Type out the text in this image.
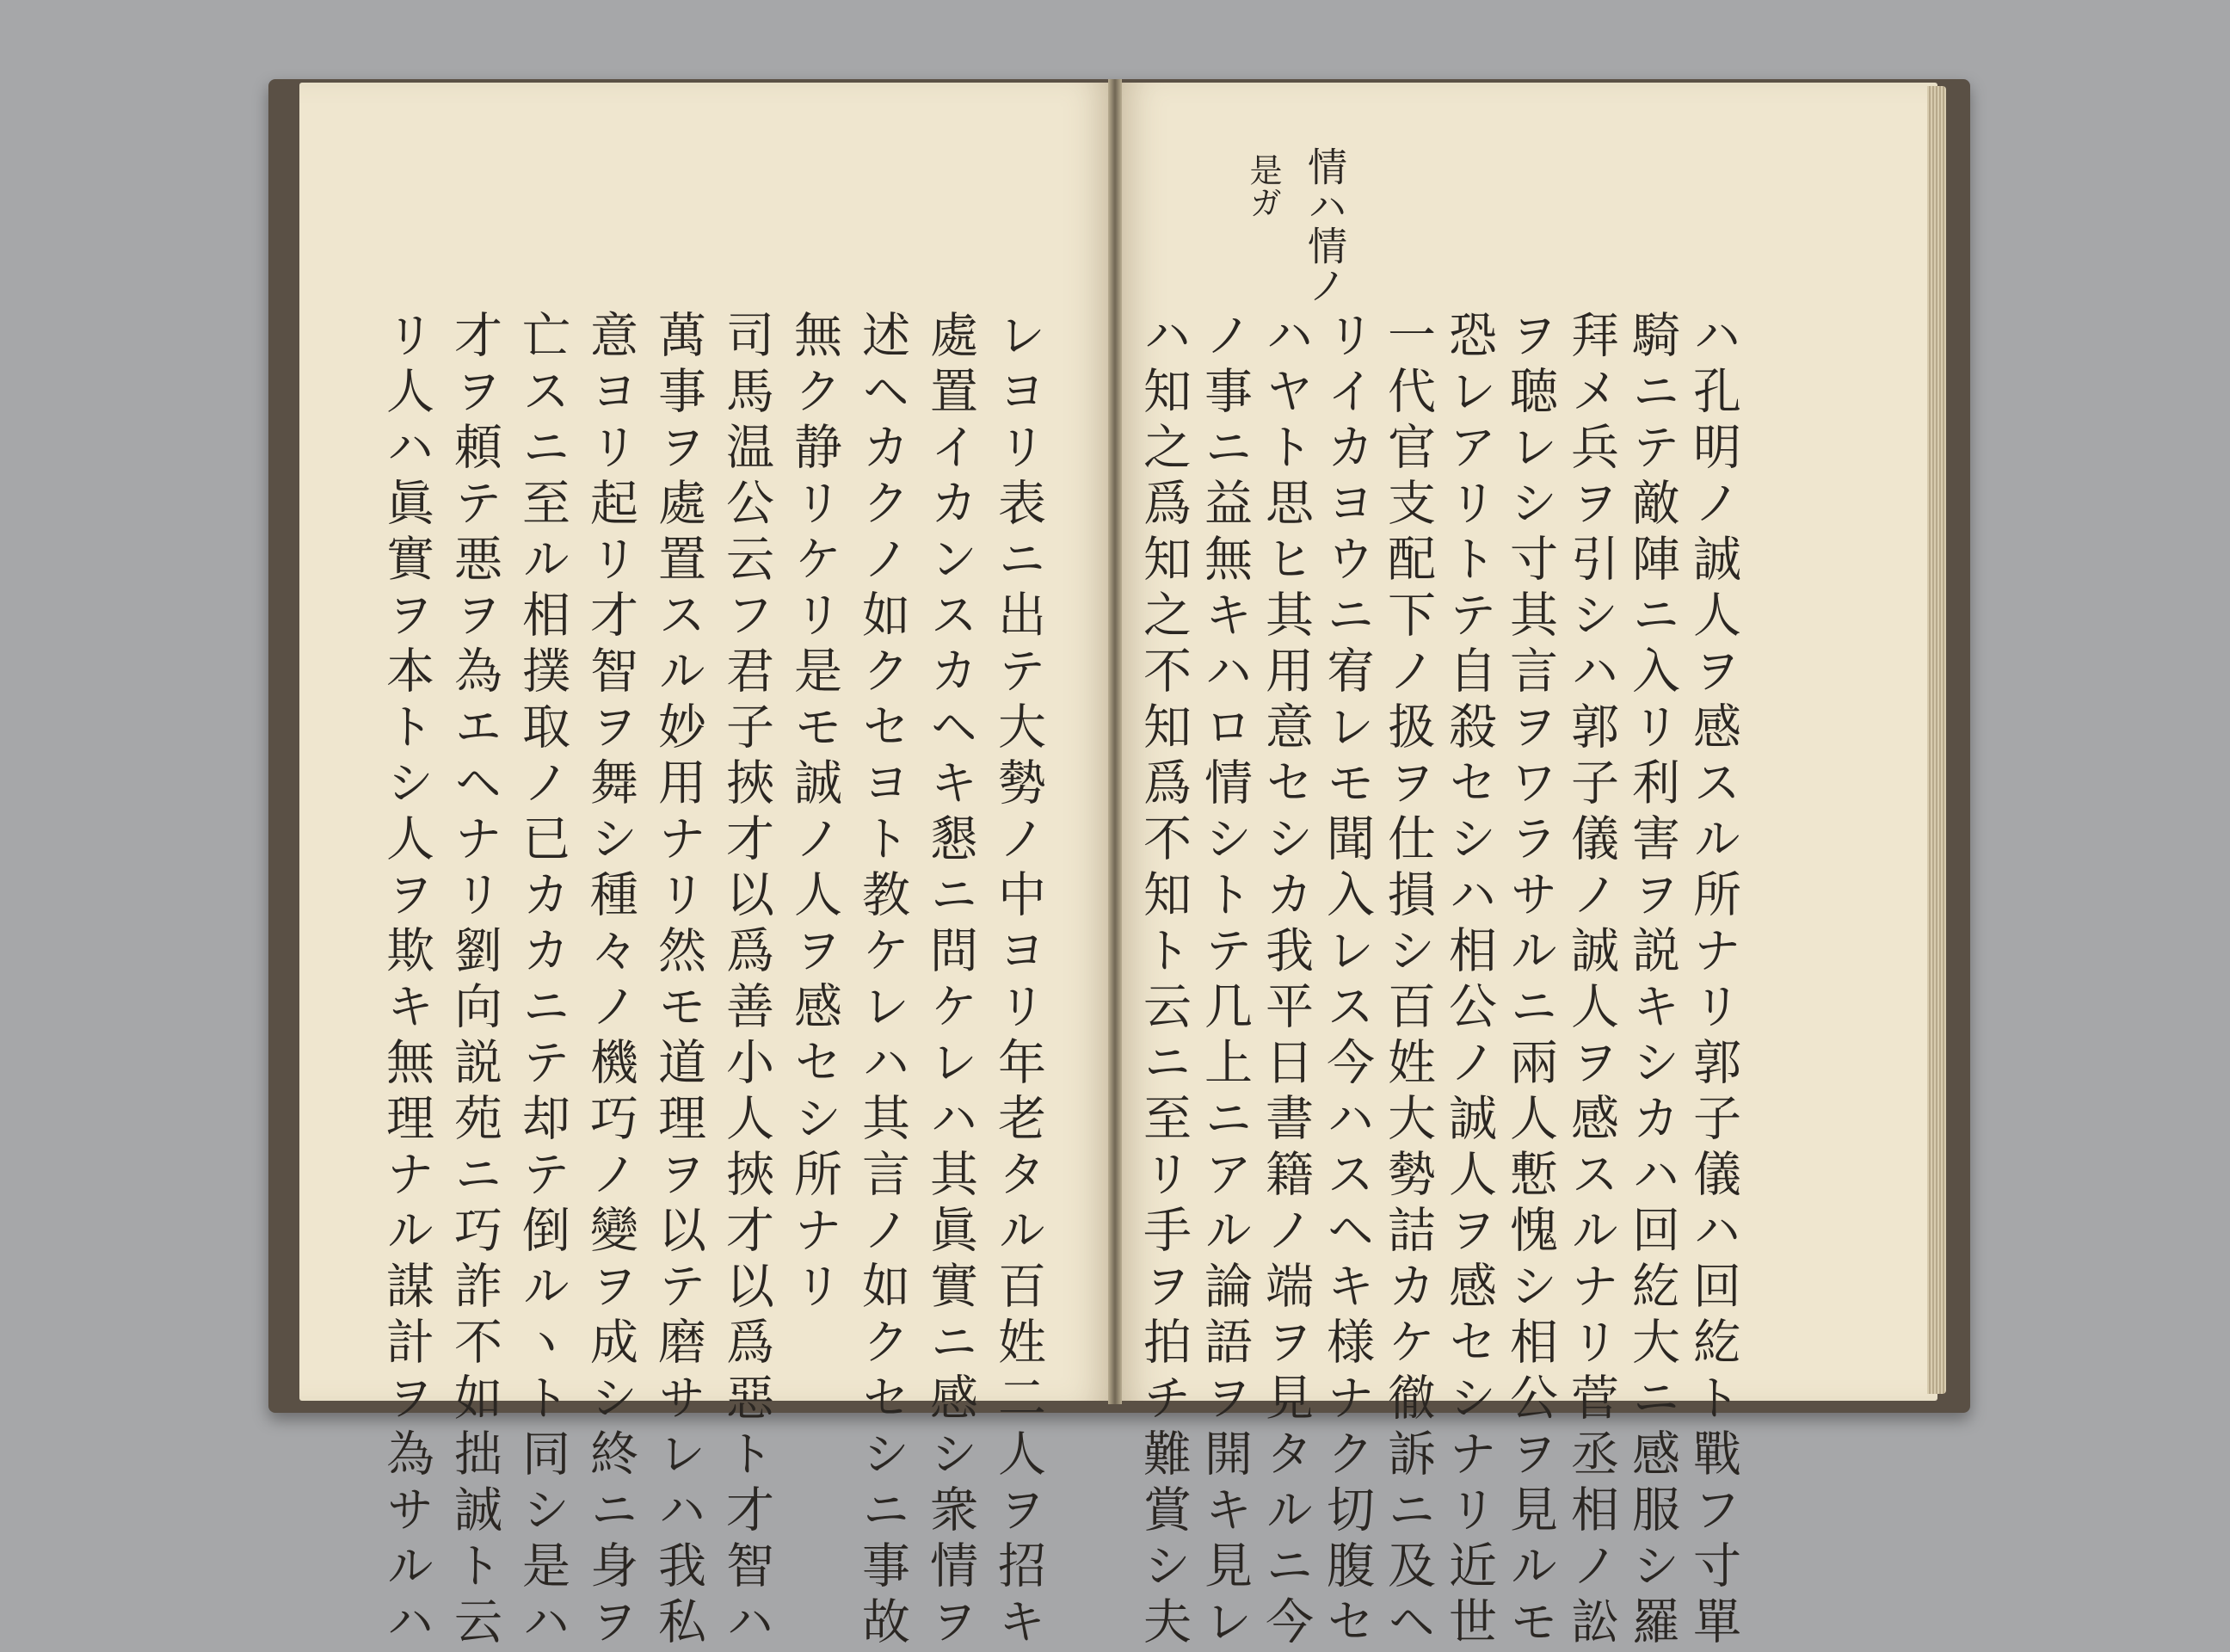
情ハ情ノ
是ガ
ハ孔明ノ誠人ヲ感スル所ナリ郭子儀ハ回紇ト戰フ寸單
騎ニテ敵陣ニ入リ利害ヲ説キシカハ回紇大ニ感服シ羅
拜メ兵ヲ引シハ郭子儀ノ誠人ヲ感スルナリ菅丞相ノ訟
ヲ聴レシ寸其言ヲワラサルニ兩人慙愧シ相公ヲ見ルモ
恐レアリトテ自殺セシハ相公ノ誠人ヲ感セシナリ近世
一代官支配下ノ扱ヲ仕損シ百姓大勢詰カケ徹訴ニ及ヘ
リイカヨウニ宥レモ聞入レス今ハスヘキ様ナク切腹セ
ハヤト思ヒ其用意セシカ我平日書籍ノ端ヲ見タルニ今
ノ事ニ益無キハロ情シトテ几上ニアル論語ヲ開キ見レ
ハ知之爲知之不知爲不知ト云ニ至リ手ヲ拍チ難賞シ夫
レヨリ表ニ出テ大勢ノ中ヨリ年老タル百姓二人ヲ招キ
處置イカンスカヘキ懇ニ問ケレハ其眞實ニ感シ衆情ヲ
述ヘカクノ如クセヨト教ケレハ其言ノ如クセシニ事故
無ク静リケリ是モ誠ノ人ヲ感セシ所ナリ
司馬温公云フ君子挾才以爲善小人挾才以爲惡ト才智ハ
萬事ヲ處置スル妙用ナリ然モ道理ヲ以テ磨サレハ我私
意ヨリ起リ才智ヲ舞シ種々ノ機巧ノ變ヲ成シ終ニ身ヲ
亡スニ至ル相撲取ノ已カカニテ却テ倒ルヽト同シ是ハ
才ヲ頼テ悪ヲ為エヘナリ劉向説苑ニ巧詐不如拙誠ト云
リ人ハ眞實ヲ本トシ人ヲ欺キ無理ナル謀計ヲ為サルハ
